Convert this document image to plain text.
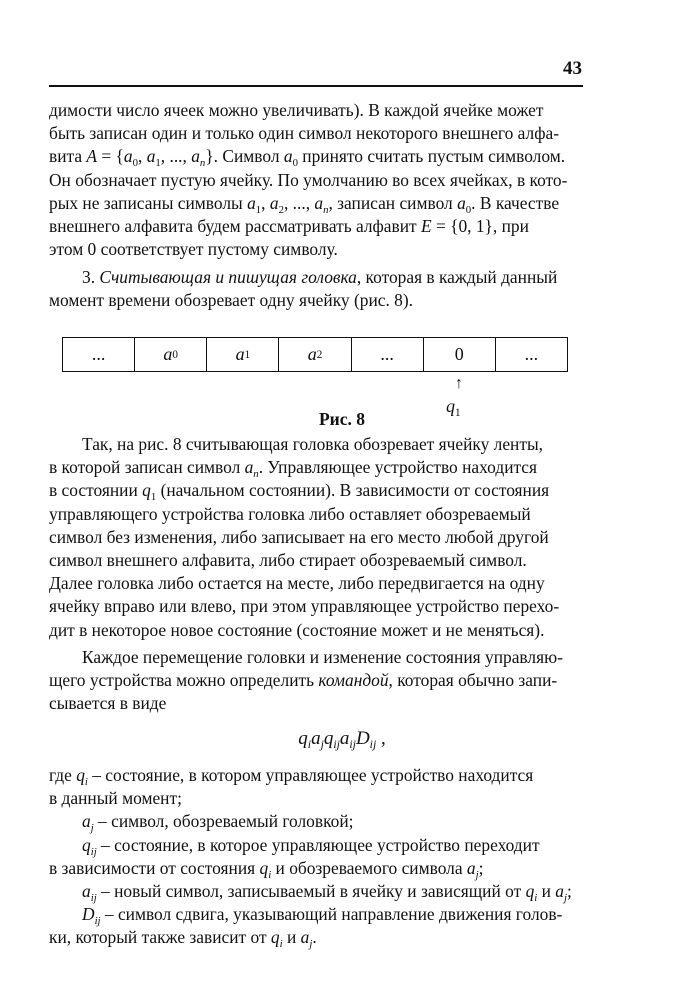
43

димости число ячеек можно увеличивать). В каждой ячейке может

быть записан один и только один символ некоторого внешнего алфа-

вита $A = \{a_0$, $a_1$, ..., $a_n$}. Символ $a_0$ принято считать пустым символом.

Он обозначает пустую ячейку. По умолчанию во всех ячейках, в кото-

рых не записаны символы $a_1$, $a_2$, ..., $a_n$, записан символ $a_0$. В качестве

внешнего алфавита будем рассматривать алфавит E = {0, 1}, при

этом 0 соответствует пустому символу.

3. Считывающая и пишущая головка, которая в каждый данный

момент времени обозревает одну ячейку (рис. 8).

...	a 0	a 1	a 2	...	0	...
↑
$q_1$
Рис. 8

Так, на рис. 8 считывающая головка обозревает ячейку ленты,

в которой записан символ $a_n$. Управляющее устройство находится

в состоянии $q_1$ (начальном состоянии). В зависимости от состояния

управляющего устройства головка либо оставляет обозреваемый

символ без изменения, либо записывает на его место любой другой

символ внешнего алфавита, либо стирает обозреваемый символ.

Далее головка либо остается на месте, либо передвигается на одну

ячейку вправо или влево, при этом управляющее устройство перехо-

дит в некоторое новое состояние (состояние может и не меняться).

Каждое перемещение головки и изменение состояния управляю-

щего устройства можно определить командой, которая обычно запи-

сывается в виде

$q_ia_jq_{ij}a_{ij}D_{ij}$ ,

где $q_i$ – состояние, в котором управляющее устройство находится

в данный момент;

$a_j$ – символ, обозреваемый головкой;

$q_{ij}$ – состояние, в которое управляющее устройство переходит

в зависимости от состояния $q_i$ и обозреваемого символа $a_j$;

$a_{ij}$ – новый символ, записываемый в ячейку и зависящий от $q_i$ и $a_j$;

$D_{ij}$ – символ сдвига, указывающий направление движения голов-

ки, который также зависит от $q_i$ и $a_j$.
